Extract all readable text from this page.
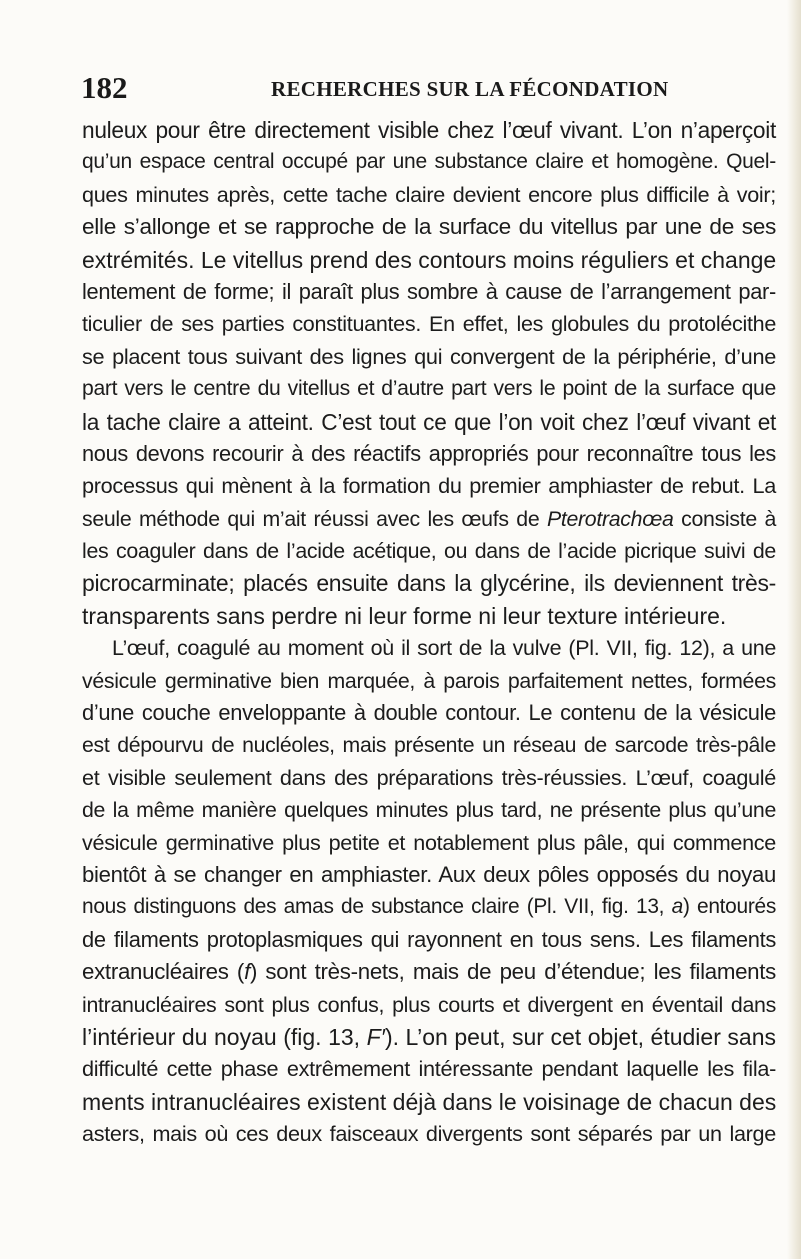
182	RECHERCHES SUR LA FÉCONDATION
nuleux pour être directement visible chez l’œuf vivant. L’on n’aperçoit
qu’un espace central occupé par une substance claire et homogène. Quel-
ques minutes après, cette tache claire devient encore plus difficile à voir;
elle s’allonge et se rapproche de la surface du vitellus par une de ses
extrémités. Le vitellus prend des contours moins réguliers et change
lentement de forme; il paraît plus sombre à cause de l’arrangement par-
ticulier de ses parties constituantes. En effet, les globules du protolécithe
se placent tous suivant des lignes qui convergent de la périphérie, d’une
part vers le centre du vitellus et d’autre part vers le point de la surface que
la tache claire a atteint. C’est tout ce que l’on voit chez l’œuf vivant et
nous devons recourir à des réactifs appropriés pour reconnaître tous les
processus qui mènent à la formation du premier amphiaster de rebut. La
seule méthode qui m’ait réussi avec les œufs de Pterotrachœa consiste à
les coaguler dans de l’acide acétique, ou dans de l’acide picrique suivi de
picrocarminate; placés ensuite dans la glycérine, ils deviennent très-
transparents sans perdre ni leur forme ni leur texture intérieure.
L’œuf, coagulé au moment où il sort de la vulve (Pl. VII, fig. 12), a une
vésicule germinative bien marquée, à parois parfaitement nettes, formées
d’une couche enveloppante à double contour. Le contenu de la vésicule
est dépourvu de nucléoles, mais présente un réseau de sarcode très-pâle
et visible seulement dans des préparations très-réussies. L’œuf, coagulé
de la même manière quelques minutes plus tard, ne présente plus qu’une
vésicule germinative plus petite et notablement plus pâle, qui commence
bientôt à se changer en amphiaster. Aux deux pôles opposés du noyau
nous distinguons des amas de substance claire (Pl. VII, fig. 13, a) entourés
de filaments protoplasmiques qui rayonnent en tous sens. Les filaments
extranucléaires (f) sont très-nets, mais de peu d’étendue; les filaments
intranucléaires sont plus confus, plus courts et divergent en éventail dans
l’intérieur du noyau (fig. 13, F′). L’on peut, sur cet objet, étudier sans
difficulté cette phase extrêmement intéressante pendant laquelle les fila-
ments intranucléaires existent déjà dans le voisinage de chacun des
asters, mais où ces deux faisceaux divergents sont séparés par un large
